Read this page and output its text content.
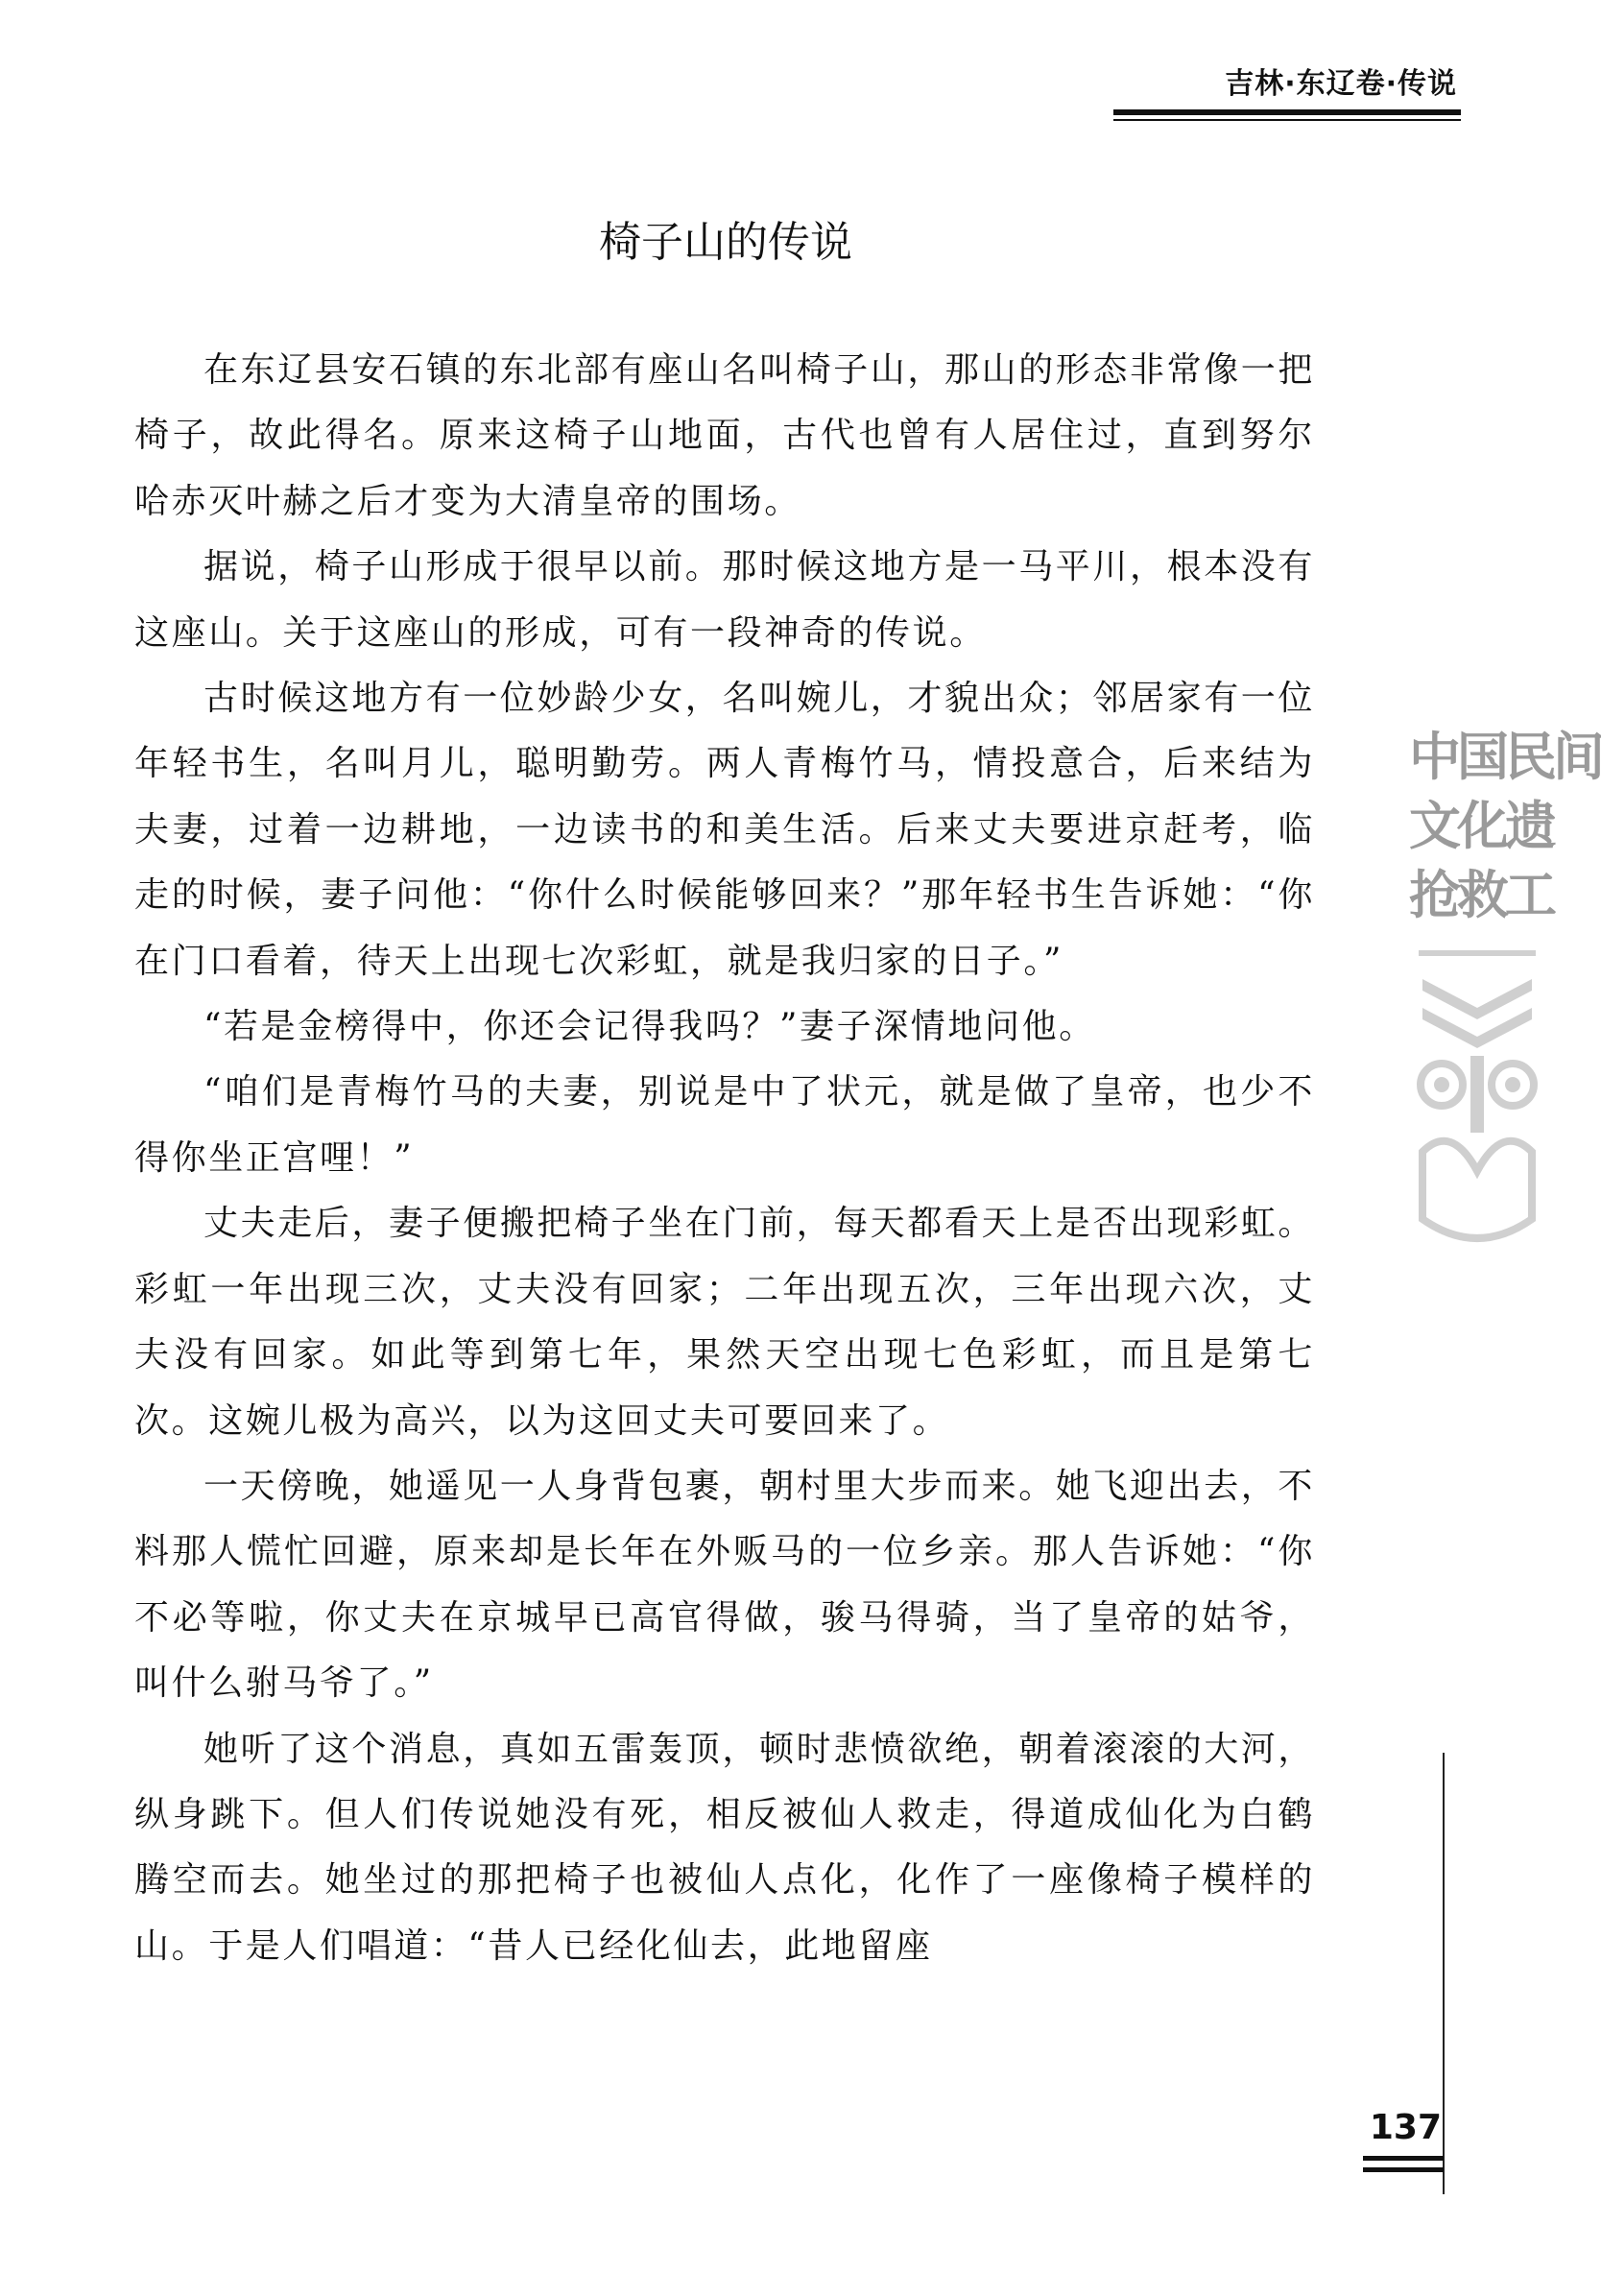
吉林·东辽卷·传说
椅子山的传说

在东辽县安石镇的东北部有座山名叫椅子山，那山的形态非常像一把椅子，故此得名。原来这椅子山地面，古代也曾有人居住过，直到努尔哈赤灭叶赫之后才变为大清皇帝的围场。

据说，椅子山形成于很早以前。那时候这地方是一马平川，根本没有这座山。关于这座山的形成，可有一段神奇的传说。

古时候这地方有一位妙龄少女，名叫婉儿，才貌出众；邻居家有一位年轻书生，名叫月儿，聪明勤劳。两人青梅竹马，情投意合，后来结为夫妻，过着一边耕地，一边读书的和美生活。后来丈夫要进京赶考，临走的时候，妻子问他：“你什么时候能够回来？”那年轻书生告诉她：“你在门口看着，待天上出现七次彩虹，就是我归家的日子。”

“若是金榜得中，你还会记得我吗？”妻子深情地问他。

“咱们是青梅竹马的夫妻，别说是中了状元，就是做了皇帝，也少不得你坐正宫哩！”

丈夫走后，妻子便搬把椅子坐在门前，每天都看天上是否出现彩虹。彩虹一年出现三次，丈夫没有回家；二年出现五次，三年出现六次，丈夫没有回家。如此等到第七年，果然天空出现七色彩虹，而且是第七次。这婉儿极为高兴，以为这回丈夫可要回来了。

一天傍晚，她遥见一人身背包裹，朝村里大步而来。她飞迎出去，不料那人慌忙回避，原来却是长年在外贩马的一位乡亲。那人告诉她：“你不必等啦，你丈夫在京城早已高官得做，骏马得骑，当了皇帝的姑爷，叫什么驸马爷了。”

她听了这个消息，真如五雷轰顶，顿时悲愤欲绝，朝着滚滚的大河，纵身跳下。但人们传说她没有死，相反被仙人救走，得道成仙化为白鹤腾空而去。她坐过的那把椅子也被仙人点化，化作了一座像椅子模样的山。于是人们唱道：“昔人已经化仙去，此地留座

中国民间
文化遗
抢救工
137
